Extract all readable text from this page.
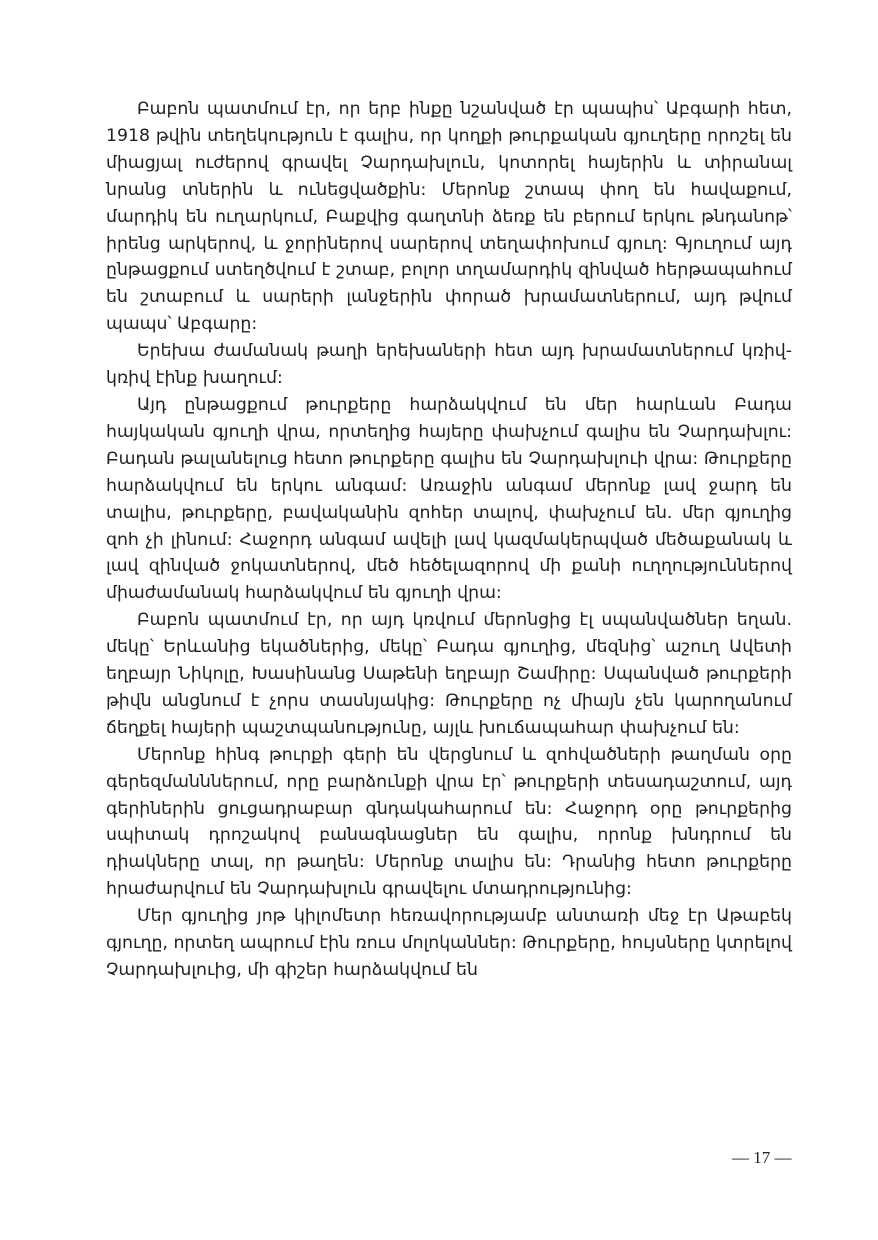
Բաբոն պատմում էր, որ երբ ինքը նշանված էր պապիս՝ Աբգարի հետ, 1918 թվին տեղեկություն է գալիս, որ կողքի թուրքական գյուղերը որոշել են միացյալ ուժերով գրավել Չարդախլուն, կոտորել հայերին և տիրանալ նրանց տներին և ունեցվածքին: Մերոնք շտապ փող են հավաքում, մարդիկ են ուղարկում, Բաքվից գաղտնի ձեռք են բերում երկու թնդանոթ՝ իրենց արկերով, և ջորիներով սարերով տեղափոխում գյուղ: Գյուղում այդ ընթացքում ստեղծվում է շտաբ, բոլոր տղամարդիկ զինված հերթապահում են շտաբում և սարերի լանջերին փորած խրամատներում, այդ թվում պապս՝ Աբգարը:

Երեխա ժամանակ թաղի երեխաների հետ այդ խրամատներում կռիվ-կռիվ էինք խաղում:

Այդ ընթացքում թուրքերը հարձակվում են մեր հարևան Բադա հայկական գյուղի վրա, որտեղից հայերը փախչում գալիս են Չարդախլու: Բադան թալանելուց հետո թուրքերը գալիս են Չարդախլուի վրա: Թուրքերը հարձակվում են երկու անգամ: Առաջին անգամ մերոնք լավ ջարդ են տալիս, թուրքերը, բավականին զոհեր տալով, փախչում են. մեր գյուղից զոհ չի լինում: Հաջորդ անգամ ավելի լավ կազմակերպված մեծաքանակ և լավ զինված ջոկատներով, մեծ հեծելազորով մի քանի ուղղություններով միաժամանակ հարձակվում են գյուղի վրա:

Բաբոն պատմում էր, որ այդ կռվում մերոնցից էլ սպանվածներ եղան. մեկը՝ Երևանից եկածներից, մեկը՝ Բադա գյուղից, մեզնից՝ աշուղ Ավետի եղբայր Նիկոլը, Խասինանց Սաթենի եղբայր Շամիրը: Սպանված թուրքերի թիվն անցնում է չորս տասնյակից: Թուրքերը ոչ միայն չեն կարողանում ճեղքել հայերի պաշտպանությունը, այլև խուճապահար փախչում են:

Մերոնք հինգ թուրքի գերի են վերցնում և զոհվածների թաղման օրը գերեզմանններում, որը բարձունքի վրա էր՝ թուրքերի տեսադաշտում, այդ գերիներին ցուցադրաբար գնդակահարում են: Հաջորդ օրը թուրքերից սպիտակ դրոշակով բանագնացներ են գալիս, որոնք խնդրում են դիակները տալ, որ թաղեն: Մերոնք տալիս են: Դրանից հետո թուրքերը հրաժարվում են Չարդախլուն գրավելու մտադրությունից:

Մեր գյուղից յոթ կիլոմետր հեռավորությամբ անտառի մեջ էր Աթաբեկ գյուղը, որտեղ ապրում էին ռուս մոլոկաններ: Թուրքերը, հույսները կտրելով Չարդախլուից, մի գիշեր հարձակվում են

— 17 —
